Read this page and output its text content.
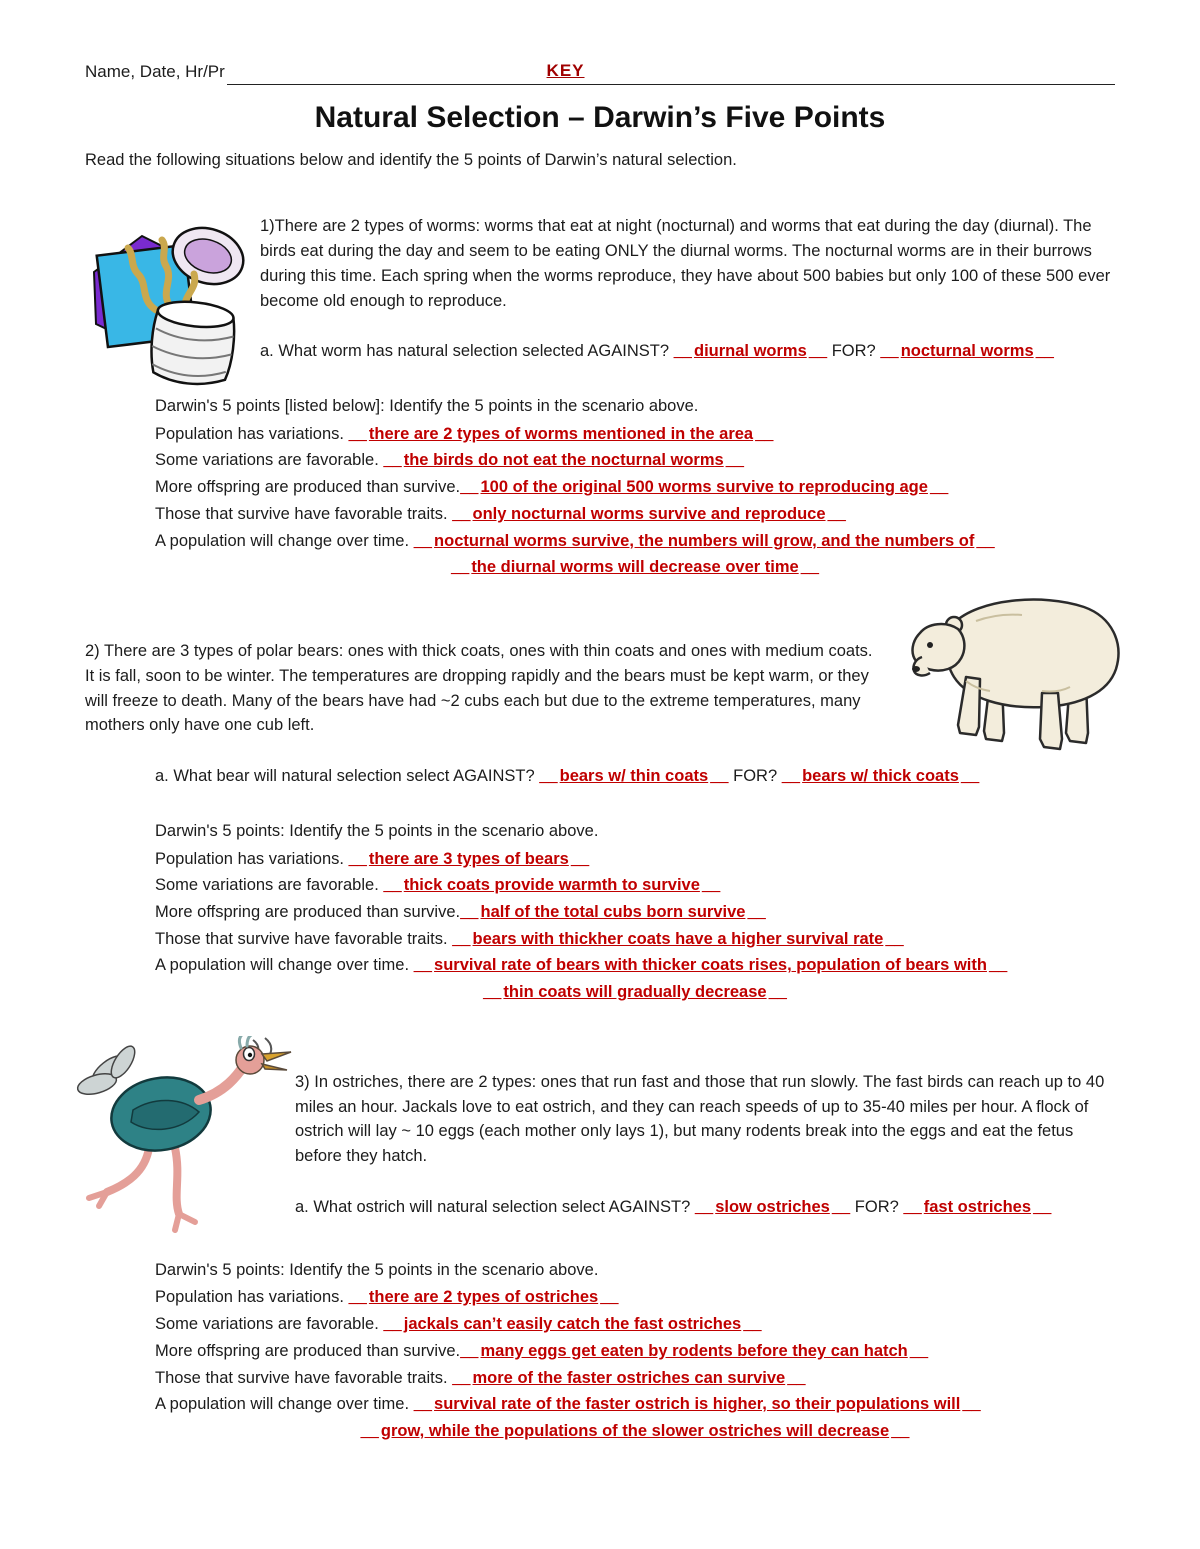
Name, Date, Hr/Pr	KEY
Natural Selection – Darwin’s Five Points

Read the following situations below and identify the 5 points of Darwin’s natural selection.

1)There are 2 types of worms: worms that eat at night (nocturnal) and worms that eat during the day (diurnal). The birds eat during the day and seem to be eating ONLY the diurnal worms. The nocturnal worms are in their burrows during this time. Each spring when the worms reproduce, they have about 500 babies but only 100 of these 500 ever become old enough to reproduce.

a. What worm has natural selection selected AGAINST? __ diurnal worms __ FOR? __ nocturnal worms __

Darwin's 5 points [listed below]: Identify the 5 points in the scenario above.

Population has variations. __ there are 2 types of worms mentioned in the area __
Some variations are favorable. __ the birds do not eat the nocturnal worms __
More offspring are produced than survive. __ 100 of the original 500 worms survive to reproducing age __
Those that survive have favorable traits. __ only nocturnal worms survive and reproduce __
A population will change over time. __ nocturnal worms survive, the numbers will grow, and the numbers of __
__ the diurnal worms will decrease over time __

2) There are 3 types of polar bears: ones with thick coats, ones with thin coats and ones with medium coats. It is fall, soon to be winter. The temperatures are dropping rapidly and the bears must be kept warm, or they will freeze to death. Many of the bears have had ~2 cubs each but due to the extreme temperatures, many mothers only have one cub left.

a. What bear will natural selection select AGAINST? __ bears w/ thin coats __ FOR? __ bears w/ thick coats __

Darwin's 5 points: Identify the 5 points in the scenario above.

Population has variations. __ there are 3 types of bears __
Some variations are favorable. __ thick coats provide warmth to survive __
More offspring are produced than survive. __ half of the total cubs born survive __
Those that survive have favorable traits. __ bears with thickher coats have a higher survival rate __
A population will change over time. __ survival rate of bears with thicker coats rises, population of bears with __
__ thin coats will gradually decrease __

3) In ostriches, there are 2 types: ones that run fast and those that run slowly. The fast birds can reach up to 40 miles an hour. Jackals love to eat ostrich, and they can reach speeds of up to 35-40 miles per hour. A flock of ostrich will lay ~ 10 eggs (each mother only lays 1), but many rodents break into the eggs and eat the fetus before they hatch.

a. What ostrich will natural selection select AGAINST? __ slow ostriches __ FOR? __ fast ostriches __

Darwin's 5 points: Identify the 5 points in the scenario above.

Population has variations. __ there are 2 types of ostriches __
Some variations are favorable. __ jackals can’t easily catch the fast ostriches __
More offspring are produced than survive. __ many eggs get eaten by rodents before they can hatch __
Those that survive have favorable traits. __ more of the faster ostriches can survive __
A population will change over time. __ survival rate of the faster ostrich is higher, so their populations will __
__ grow, while the populations of the slower ostriches will decrease __
